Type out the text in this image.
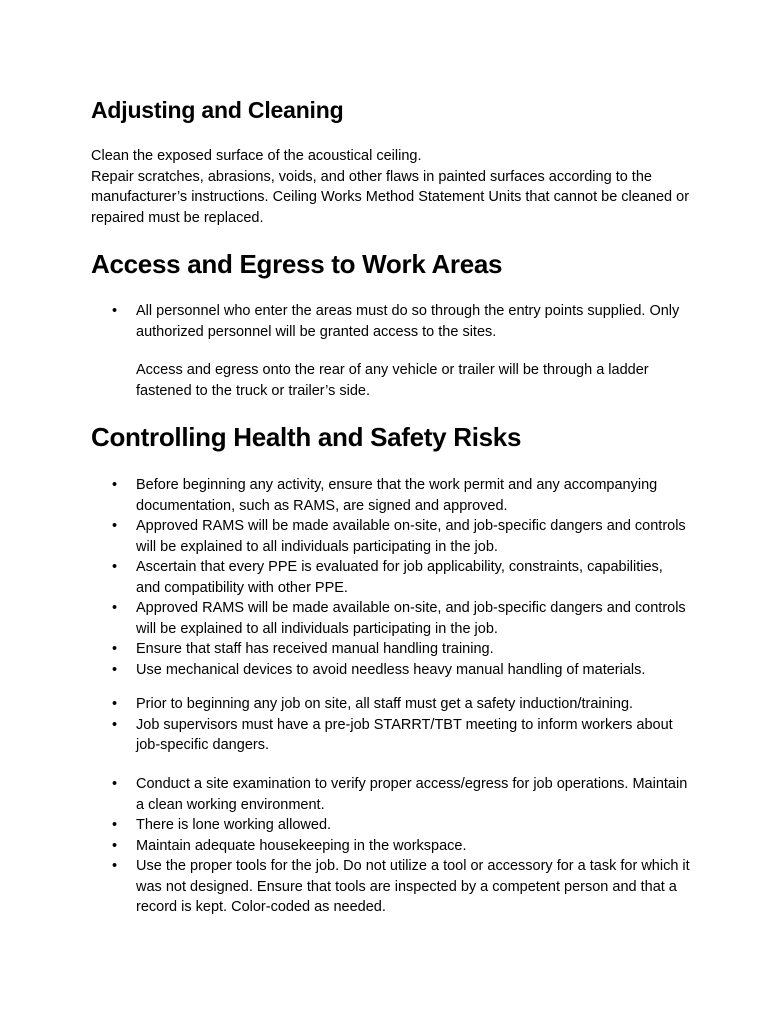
Adjusting and Cleaning
Clean the exposed surface of the acoustical ceiling.
Repair scratches, abrasions, voids, and other flaws in painted surfaces according to the manufacturer’s instructions. Ceiling Works Method Statement Units that cannot be cleaned or repaired must be replaced.
Access and Egress to Work Areas
• All personnel who enter the areas must do so through the entry points supplied. Only authorized personnel will be granted access to the sites.

Access and egress onto the rear of any vehicle or trailer will be through a ladder fastened to the truck or trailer’s side.

Controlling Health and Safety Risks
• Before beginning any activity, ensure that the work permit and any accompanying documentation, such as RAMS, are signed and approved.
• Approved RAMS will be made available on-site, and job-specific dangers and controls will be explained to all individuals participating in the job.
• Ascertain that every PPE is evaluated for job applicability, constraints, capabilities, and compatibility with other PPE.
• Approved RAMS will be made available on-site, and job-specific dangers and controls will be explained to all individuals participating in the job.
• Ensure that staff has received manual handling training.
• Use mechanical devices to avoid needless heavy manual handling of materials.
• Prior to beginning any job on site, all staff must get a safety induction/training.
• Job supervisors must have a pre-job STARRT/TBT meeting to inform workers about job-specific dangers.
• Conduct a site examination to verify proper access/egress for job operations. Maintain a clean working environment.
• There is lone working allowed.
• Maintain adequate housekeeping in the workspace.
• Use the proper tools for the job. Do not utilize a tool or accessory for a task for which it was not designed. Ensure that tools are inspected by a competent person and that a record is kept. Color-coded as needed.
